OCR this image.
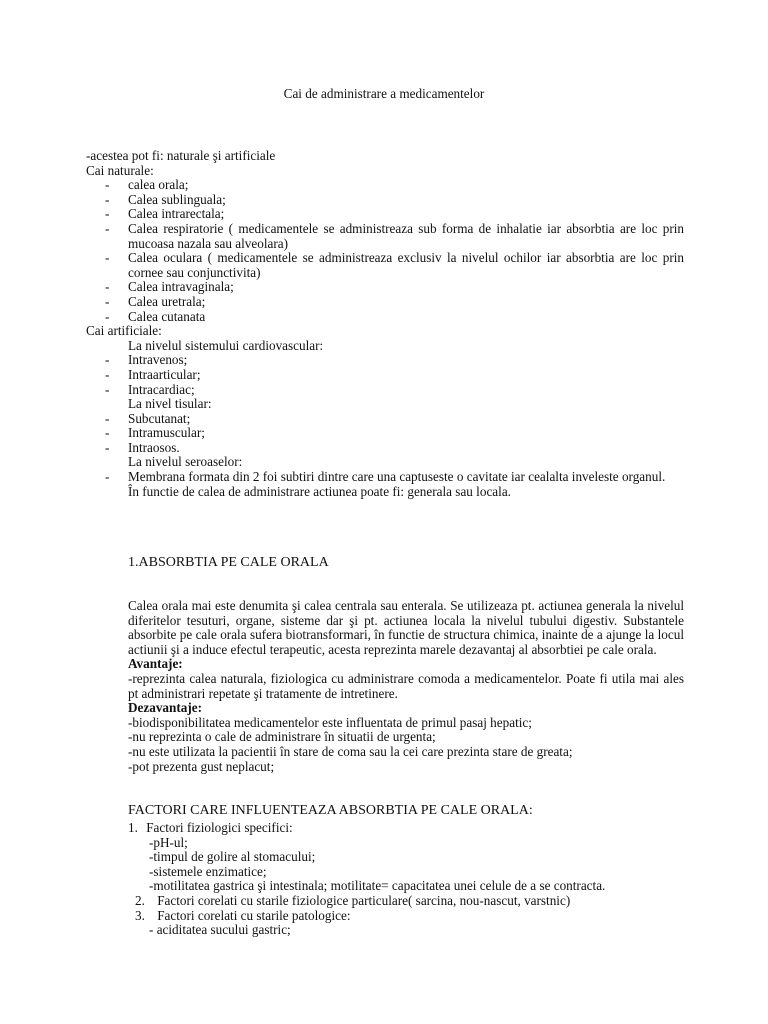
Cai de administrare a medicamentelor
-acestea pot fi: naturale şi artificiale
Cai naturale:
- calea orala;
- Calea sublinguala;
- Calea intrarectala;
- Calea respiratorie ( medicamentele se administreaza sub forma de inhalatie iar absorbtia are loc prin mucoasa nazala sau alveolara)
- Calea oculara ( medicamentele se administreaza exclusiv la nivelul ochilor iar absorbtia are loc prin cornee sau conjunctivita)
- Calea intravaginala;
- Calea uretrala;
- Calea cutanata
Cai artificiale:
La nivelul sistemului cardiovascular:
- Intravenos;
- Intraarticular;
- Intracardiac;
La nivel tisular:
- Subcutanat;
- Intramuscular;
- Intraosos.
La nivelul seroaselor:
- Membrana formata din 2 foi subtiri dintre care una captuseste o cavitate iar cealalta inveleste organul.
În functie de calea de administrare actiunea poate fi: generala sau locala.
1.ABSORBTIA PE CALE ORALA
Calea orala mai este denumita şi calea centrala sau enterala. Se utilizeaza pt. actiunea generala la nivelul diferitelor tesuturi, organe, sisteme dar şi pt. actiunea locala la nivelul tubului digestiv. Substantele absorbite pe cale orala sufera biotransformari, în functie de structura chimica, inainte de a ajunge la locul actiunii şi a induce efectul terapeutic, acesta reprezinta marele dezavantaj al absorbtiei pe cale orala.
Avantaje:
-reprezinta calea naturala, fiziologica cu administrare comoda a medicamentelor. Poate fi utila mai ales pt administrari repetate şi tratamente de intretinere.
Dezavantaje:
-biodisponibilitatea medicamentelor este influentata de primul pasaj hepatic;
-nu reprezinta o cale de administrare în situatii de urgenta;
-nu este utilizata la pacientii în stare de coma sau la cei care prezinta stare de greata;
-pot prezenta gust neplacut;
FACTORI CARE INFLUENTEAZA ABSORBTIA PE CALE ORALA:
1. Factori fiziologici specifici:
-pH-ul;
-timpul de golire al stomacului;
-sistemele enzimatice;
-motilitatea gastrica şi intestinala; motilitate= capacitatea unei celule de a se contracta.
2. Factori corelati cu starile fiziologice particulare( sarcina, nou-nascut, varstnic)
3. Factori corelati cu starile patologice:
- aciditatea sucului gastric;
